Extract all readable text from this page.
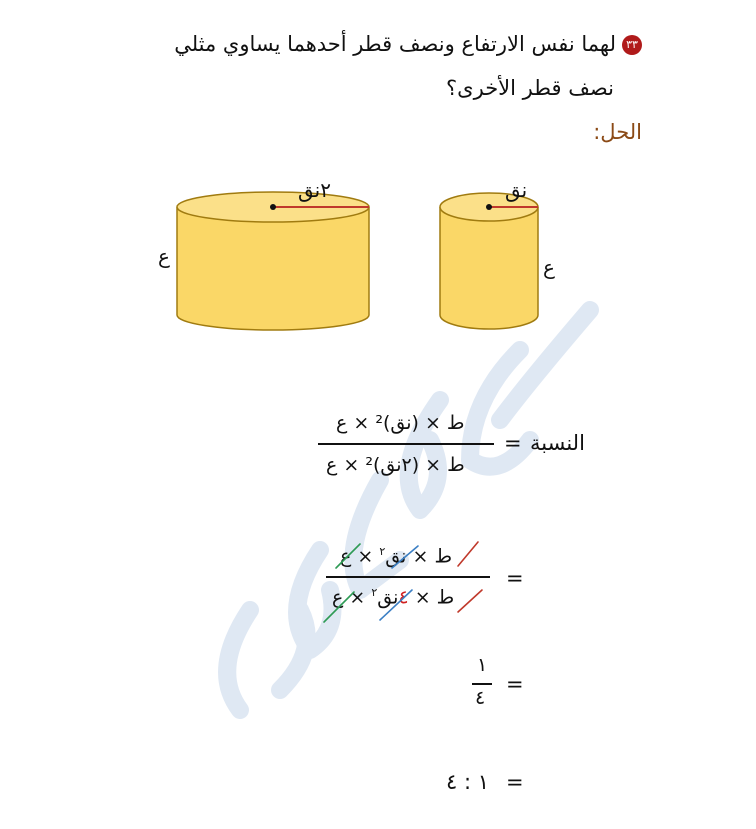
٣٣لهما نفس الارتفاع ونصف قطر أحدهما يساوي مثلي
نصف قطر الأخرى؟
الحل:
٢نق
ع
نق
ع
النسبة
=
ط × (نق)² × ع
ط × (٢نق)² × ع
=
ط × نق$^٢$ × ع
ط × ٤نق$^٢$ × ع
=
١
٤
=
١ : ٤
